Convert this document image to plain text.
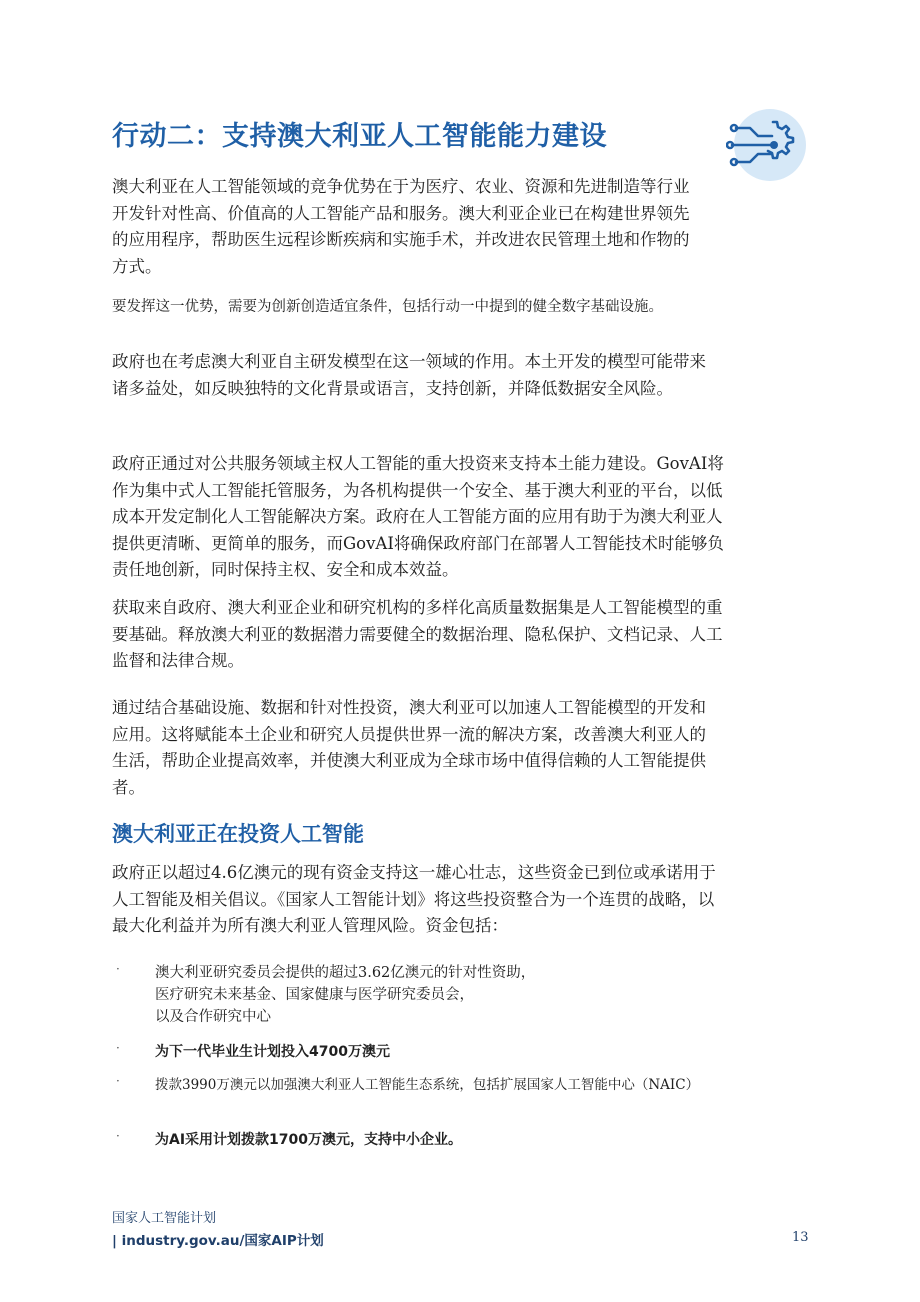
行动二：支持澳大利亚人工智能能力建设

澳大利亚在人工智能领域的竞争优势在于为医疗、农业、资源和先进制造等行业
开发针对性高、价值高的人工智能产品和服务。澳大利亚企业已在构建世界领先
的应用程序，帮助医生远程诊断疾病和实施手术，并改进农民管理土地和作物的
方式。

要发挥这一优势，需要为创新创造适宜条件，包括行动一中提到的健全数字基础设施。

政府也在考虑澳大利亚自主研发模型在这一领域的作用。本土开发的模型可能带来
诸多益处，如反映独特的文化背景或语言，支持创新，并降低数据安全风险。

政府正通过对公共服务领域主权人工智能的重大投资来支持本土能力建设。GovAI将
作为集中式人工智能托管服务，为各机构提供一个安全、基于澳大利亚的平台，以低
成本开发定制化人工智能解决方案。政府在人工智能方面的应用有助于为澳大利亚人
提供更清晰、更简单的服务，而GovAI将确保政府部门在部署人工智能技术时能够负
责任地创新，同时保持主权、安全和成本效益。

获取来自政府、澳大利亚企业和研究机构的多样化高质量数据集是人工智能模型的重
要基础。释放澳大利亚的数据潜力需要健全的数据治理、隐私保护、文档记录、人工
监督和法律合规。

通过结合基础设施、数据和针对性投资，澳大利亚可以加速人工智能模型的开发和
应用。这将赋能本土企业和研究人员提供世界一流的解决方案，改善澳大利亚人的
生活，帮助企业提高效率，并使澳大利亚成为全球市场中值得信赖的人工智能提供
者。

澳大利亚正在投资人工智能

政府正以超过4.6亿澳元的现有资金支持这一雄心壮志，这些资金已到位或承诺用于
人工智能及相关倡议。《国家人工智能计划》将这些投资整合为一个连贯的战略，以
最大化利益并为所有澳大利亚人管理风险。资金包括：

· 澳大利亚研究委员会提供的超过3.62亿澳元的针对性资助，
医疗研究未来基金、国家健康与医学研究委员会，
以及合作研究中心

·	为下一代毕业生计划投入4700万澳元

·	拨款3990万澳元以加强澳大利亚人工智能生态系统，包括扩展国家人工智能中心（NAIC）

·	为AI采用计划拨款1700万澳元，支持中小企业。

国家人工智能计划

| industry.gov.au/国家AIP计划	13
